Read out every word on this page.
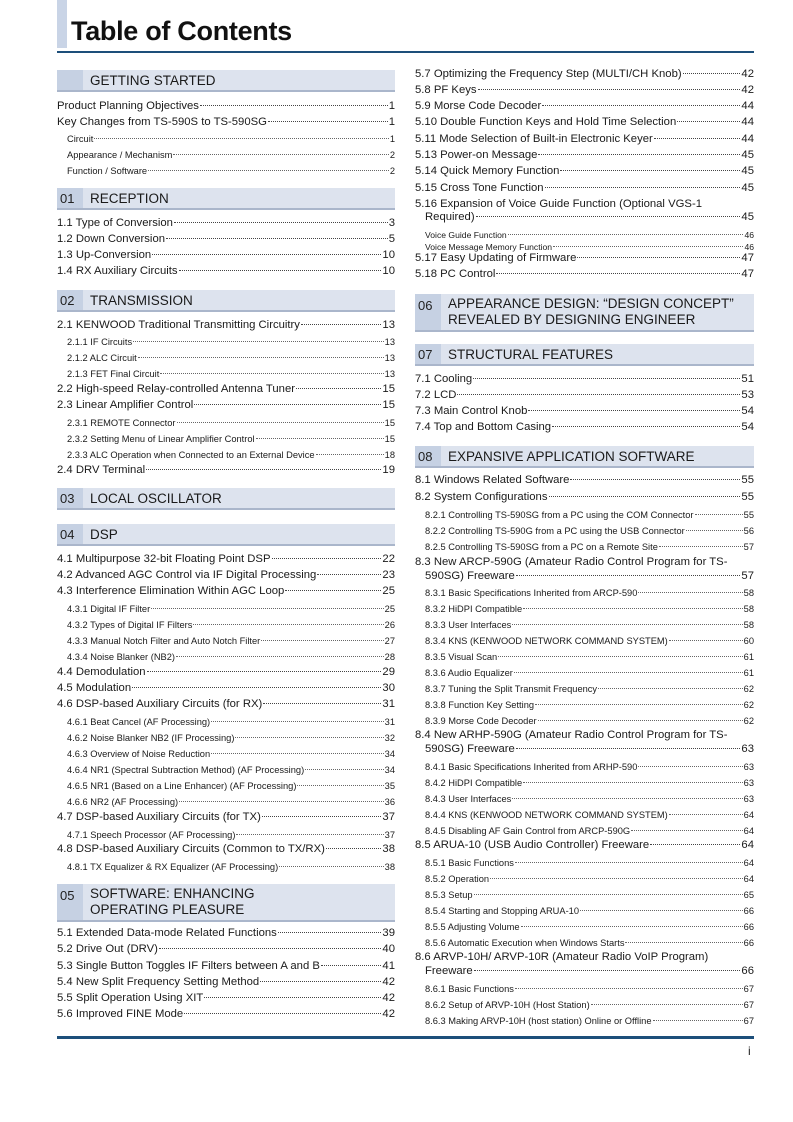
Table of Contents
GETTING STARTED
Product Planning Objectives	1
Key Changes from TS-590S to TS-590SG	1
Circuit	1
Appearance / Mechanism	2
Function / Software	2
01 RECEPTION
1.1 Type of Conversion	3
1.2 Down Conversion	5
1.3 Up-Conversion	10
1.4 RX Auxiliary Circuits	10
02 TRANSMISSION
2.1 KENWOOD Traditional Transmitting Circuitry	13
2.1.1 IF Circuits	13
2.1.2 ALC Circuit	13
2.1.3 FET Final Circuit	13
2.2 High-speed Relay-controlled Antenna Tuner	15
2.3 Linear Amplifier Control	15
2.3.1 REMOTE Connector	15
2.3.2 Setting Menu of Linear Amplifier Control	15
2.3.3 ALC Operation when Connected to an External Device	18
2.4 DRV Terminal	19
03 LOCAL OSCILLATOR
04 DSP
4.1 Multipurpose 32-bit Floating Point DSP	22
4.2 Advanced AGC Control via IF Digital Processing	23
4.3 Interference Elimination Within AGC Loop	25
4.3.1 Digital IF Filter	25
4.3.2 Types of Digital IF Filters	26
4.3.3 Manual Notch Filter and Auto Notch Filter	27
4.3.4 Noise Blanker (NB2)	28
4.4 Demodulation	29
4.5 Modulation	30
4.6 DSP-based Auxiliary Circuits (for RX)	31
4.6.1 Beat Cancel (AF Processing)	31
4.6.2 Noise Blanker NB2 (IF Processing)	32
4.6.3 Overview of Noise Reduction	34
4.6.4 NR1 (Spectral Subtraction Method) (AF Processing)	34
4.6.5 NR1 (Based on a Line Enhancer) (AF Processing)	35
4.6.6 NR2 (AF Processing)	36
4.7 DSP-based Auxiliary Circuits (for TX)	37
4.7.1 Speech Processor (AF Processing)	37
4.8 DSP-based Auxiliary Circuits (Common to TX/RX)	38
4.8.1 TX Equalizer & RX Equalizer (AF Processing)	38
05 SOFTWARE: ENHANCING
OPERATING PLEASURE
5.1 Extended Data-mode Related Functions	39
5.2 Drive Out (DRV)	40
5.3 Single Button Toggles IF Filters between A and B	41
5.4 New Split Frequency Setting Method	42
5.5 Split Operation Using XIT	42
5.6 Improved FINE Mode	42
5.7 Optimizing the Frequency Step (MULTI/CH Knob)	42
5.8 PF Keys	42
5.9 Morse Code Decoder	44
5.10 Double Function Keys and Hold Time Selection	44
5.11 Mode Selection of Built-in Electronic Keyer	44
5.13 Power-on Message	45
5.14 Quick Memory Function	45
5.15 Cross Tone Function	45
5.16 Expansion of Voice Guide Function (Optional VGS-1
Required)	45
Voice Guide Function	46
Voice Message Memory Function	46
5.17 Easy Updating of Firmware	47
5.18 PC Control	47
06 APPEARANCE DESIGN: “DESIGN CONCEPT”
REVEALED BY DESIGNING ENGINEER
07 STRUCTURAL FEATURES
7.1 Cooling	51
7.2 LCD	53
7.3 Main Control Knob	54
7.4 Top and Bottom Casing	54
08 EXPANSIVE APPLICATION SOFTWARE
8.1 Windows Related Software	55
8.2 System Configurations	55
8.2.1 Controlling TS-590SG from a PC using the COM Connector	55
8.2.2 Controlling TS-590G from a PC using the USB Connector	56
8.2.5 Controlling TS-590SG from a PC on a Remote Site	57
8.3 New ARCP-590G (Amateur Radio Control Program for TS-
590SG) Freeware	57
8.3.1 Basic Specifications Inherited from ARCP-590	58
8.3.2 HiDPI Compatible	58
8.3.3 User Interfaces	58
8.3.4 KNS (KENWOOD NETWORK COMMAND SYSTEM)	60
8.3.5 Visual Scan	61
8.3.6 Audio Equalizer	61
8.3.7 Tuning the Split Transmit Frequency	62
8.3.8 Function Key Setting	62
8.3.9 Morse Code Decoder	62
8.4 New ARHP-590G (Amateur Radio Control Program for TS-
590SG) Freeware	63
8.4.1 Basic Specifications Inherited from ARHP-590	63
8.4.2 HiDPI Compatible	63
8.4.3 User Interfaces	63
8.4.4 KNS (KENWOOD NETWORK COMMAND SYSTEM)	64
8.4.5 Disabling AF Gain Control from ARCP-590G	64
8.5 ARUA-10 (USB Audio Controller) Freeware	64
8.5.1 Basic Functions	64
8.5.2 Operation	64
8.5.3 Setup	65
8.5.4 Starting and Stopping ARUA-10	66
8.5.5 Adjusting Volume	66
8.5.6 Automatic Execution when Windows Starts	66
8.6 ARVP-10H/ ARVP-10R (Amateur Radio VoIP Program)
Freeware	66
8.6.1 Basic Functions	67
8.6.2 Setup of ARVP-10H (Host Station)	67
8.6.3 Making ARVP-10H (host station) Online or Offline	67
i
